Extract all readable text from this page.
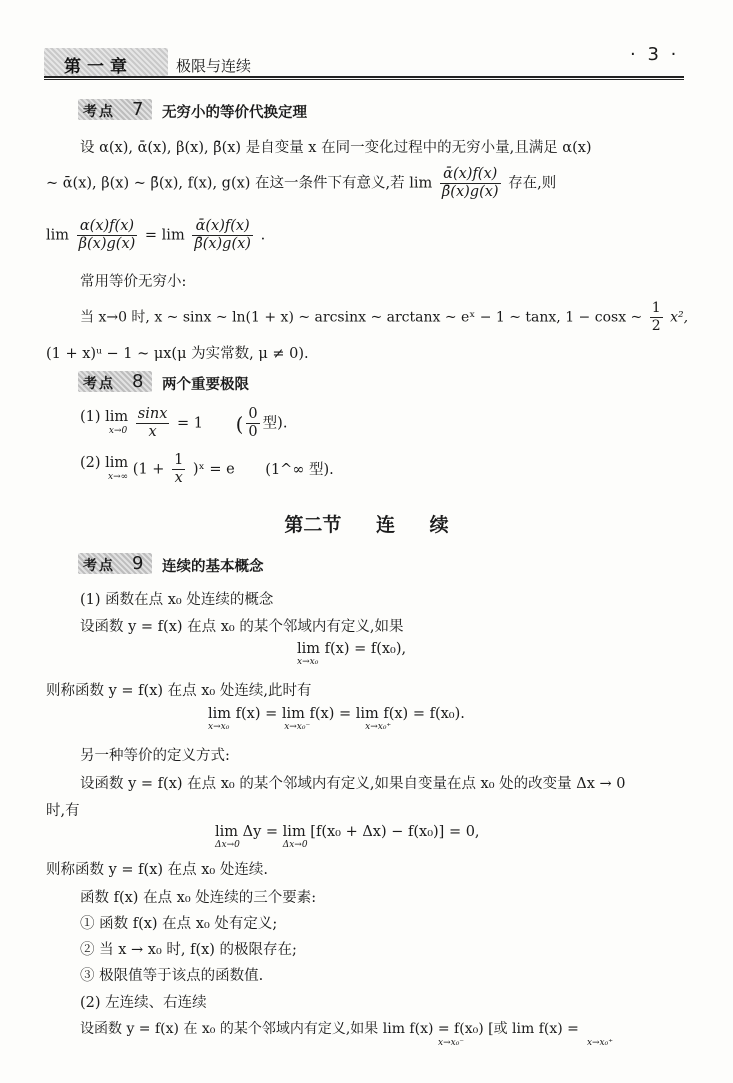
第一章	极限与连续
· 3 ·
考点 7	无穷小的等价代换定理
设 α(x), ᾱ(x), β(x), β̄(x) 是自变量 x 在同一变化过程中的无穷小量,且满足 α(x)
~ ᾱ(x), β(x) ~ β̄(x), f(x), g(x) 在这一条件下有意义,若 $\lim \frac{\text{ᾱ(x)f(x)}}{\betā(x)g(x)}$ 存在,则
$\lim \frac{\alpha(x)f(x)}{\beta(x)g(x)} = \lim \frac{\text{ᾱ(x)f(x)}}{\betā(x)g(x)}$ .
常用等价无穷小:
当 x→0 时, x ~ sinx ~ ln(1 + x) ~ arcsinx ~ arctanx ~ eˣ − 1 ~ tanx, 1 − cosx ~ $\frac{1}{2} x^2$,
(1 + x)ᵘ − 1 ~ μx(μ 为实常数, μ ≠ 0).
考点 8	两个重要极限
(1) lim
x→0
$\frac{\sin x}{x} = 1$ ( $\frac{0}{0}$ 型).
(2) lim
x→∞ ($1 + \frac{1}{x}$ )ˣ = e (1^∞ 型).
第二节 连 续
考点 9	连续的基本概念
(1) 函数在点 x₀ 处连续的概念
设函数 y = f(x) 在点 x₀ 的某个邻域内有定义,如果
lim f(x) = f(x₀),
x→x₀
则称函数 y = f(x) 在点 x₀ 处连续,此时有
lim f(x) = lim f(x) = lim f(x) = f(x₀).
x→x₀	x→x₀⁻	x→x₀⁺
另一种等价的定义方式:
设函数 y = f(x) 在点 x₀ 的某个邻域内有定义,如果自变量在点 x₀ 处的改变量 Δx → 0
时,有
lim Δy = lim [f(x₀ + Δx) − f(x₀)] = 0,
Δx→0	Δx→0
则称函数 y = f(x) 在点 x₀ 处连续.
函数 f(x) 在点 x₀ 处连续的三个要素:
① 函数 f(x) 在点 x₀ 处有定义;
② 当 x → x₀ 时, f(x) 的极限存在;
③ 极限值等于该点的函数值.
(2) 左连续、右连续
设函数 y = f(x) 在 x₀ 的某个邻域内有定义,如果 lim f(x) = f(x₀) [或 lim f(x) =
x→x₀⁻	x→x₀⁺
